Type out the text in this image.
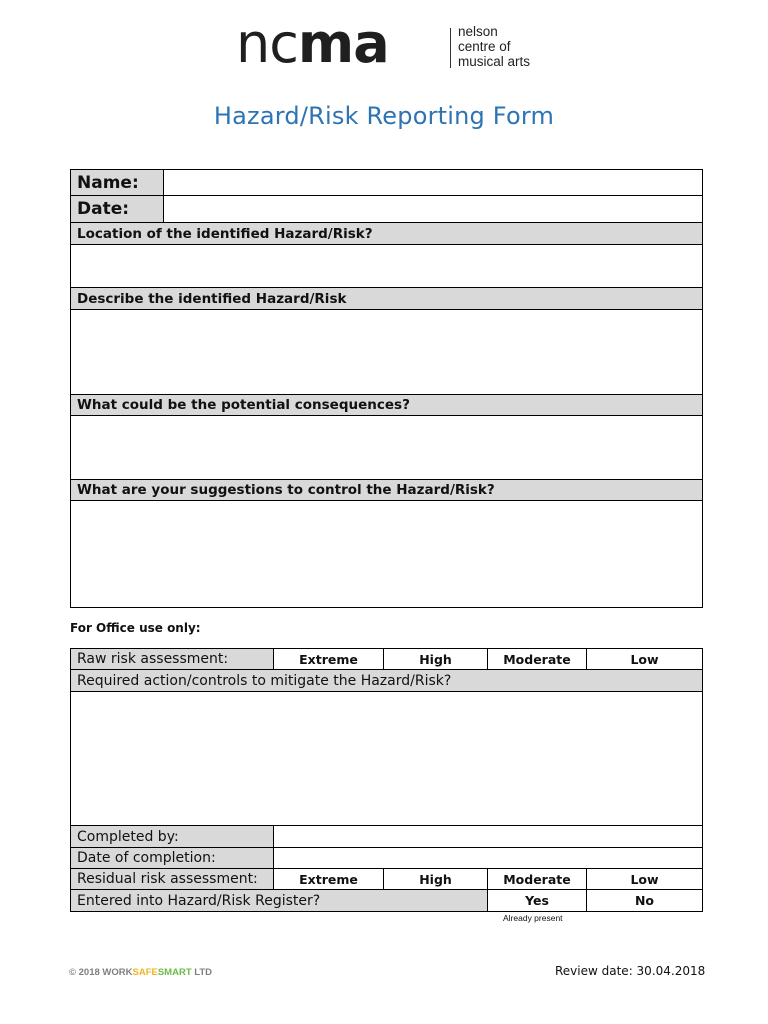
ncma	nelson
centre of
musical arts
Hazard/Risk Reporting Form
Name:
Date:
Location of the identified Hazard/Risk?
Describe the identified Hazard/Risk
What could be the potential consequences?
What are your suggestions to control the Hazard/Risk?
For Office use only:
Raw risk assessment:	Extreme	High	Moderate	Low
Required action/controls to mitigate the Hazard/Risk?
Completed by:
Date of completion:
Residual risk assessment:	Extreme	High	Moderate	Low
Entered into Hazard/Risk Register?	Yes	No
Already present
© 2018 WORKSAFESMART LTD	Review date: 30.04.2018
